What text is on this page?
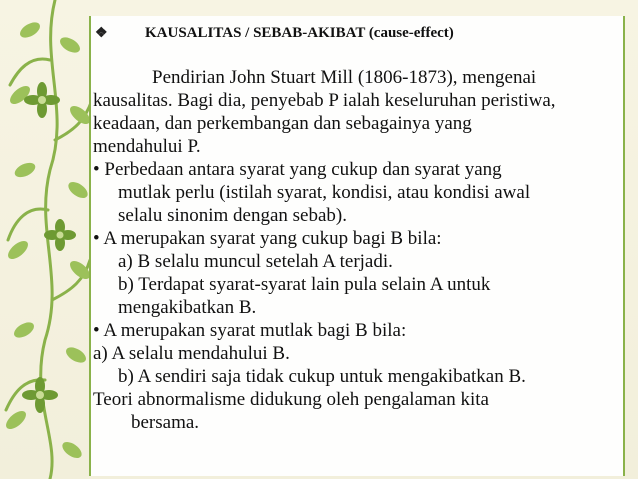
❖ KAUSALITAS / SEBAB-AKIBAT (cause-effect)
Pendirian John Stuart Mill (1806-1873), mengenai
kausalitas. Bagi dia, penyebab P ialah keseluruhan peristiwa,
keadaan, dan perkembangan dan sebagainya yang
mendahului P.
• Perbedaan antara syarat yang cukup dan syarat yang
mutlak perlu (istilah syarat, kondisi, atau kondisi awal
selalu sinonim dengan sebab).
• A merupakan syarat yang cukup bagi B bila:
a) B selalu muncul setelah A terjadi.
b) Terdapat syarat-syarat lain pula selain A untuk
mengakibatkan B.
• A merupakan syarat mutlak bagi B bila:
a) A selalu mendahului B.
b) A sendiri saja tidak cukup untuk mengakibatkan B.
Teori abnormalisme didukung oleh pengalaman kita
bersama.
